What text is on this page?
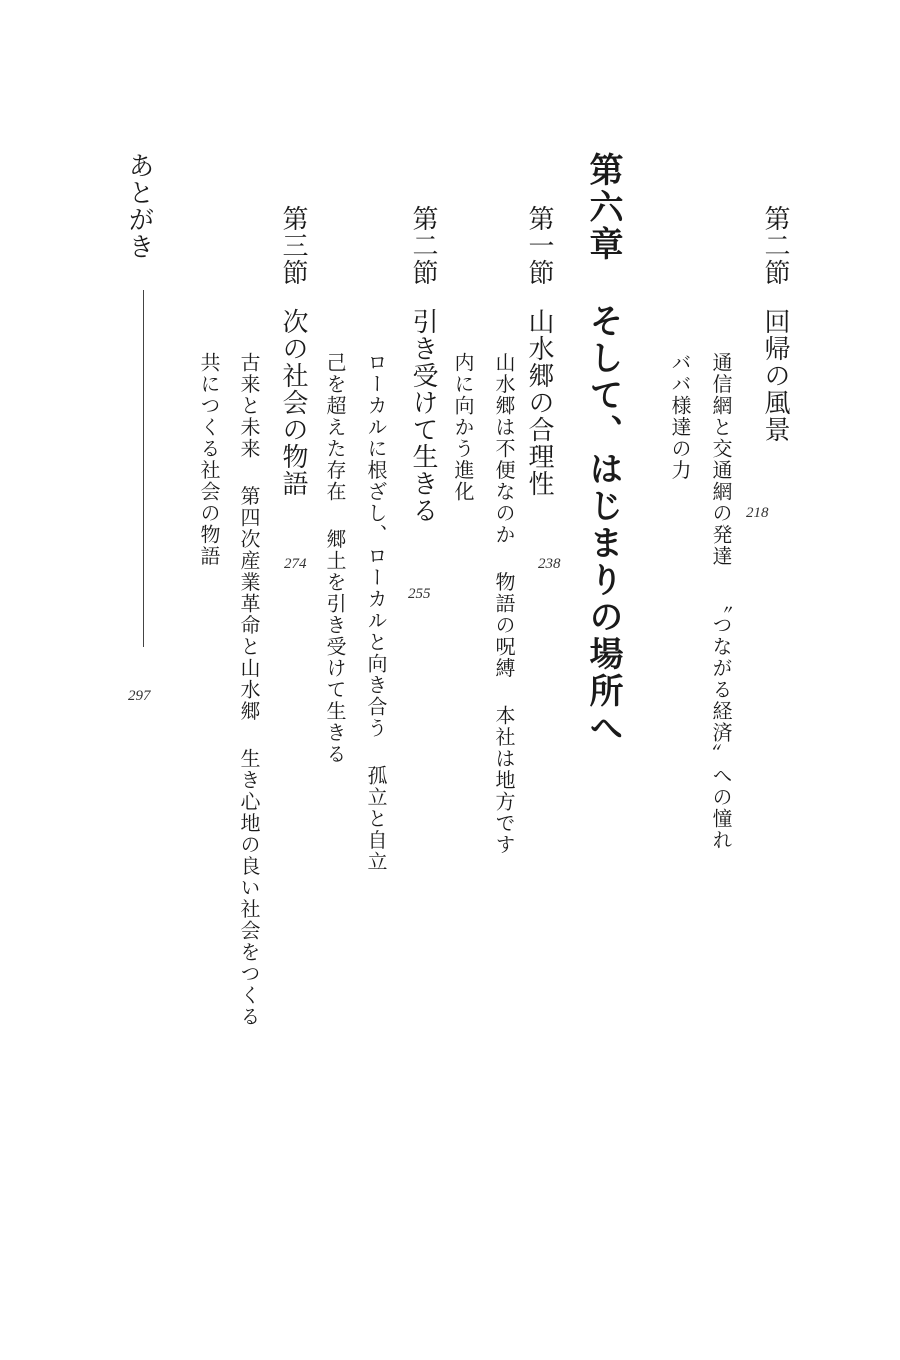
第二節回帰の風景
218
通信網と交通網の発達〝つながる経済〟への憧れ
ババ様達の力
第六章そして、はじまりの場所へ
第一節山水郷の合理性
238
山水郷は不便なのか物語の呪縛本社は地方です
内に向かう進化
第二節引き受けて生きる
255
ローカルに根ざし、ローカルと向き合う孤立と自立
己を超えた存在郷土を引き受けて生きる
第三節次の社会の物語
274
古来と未来第四次産業革命と山水郷生き心地の良い社会をつくる
共につくる社会の物語
あとがき
297
